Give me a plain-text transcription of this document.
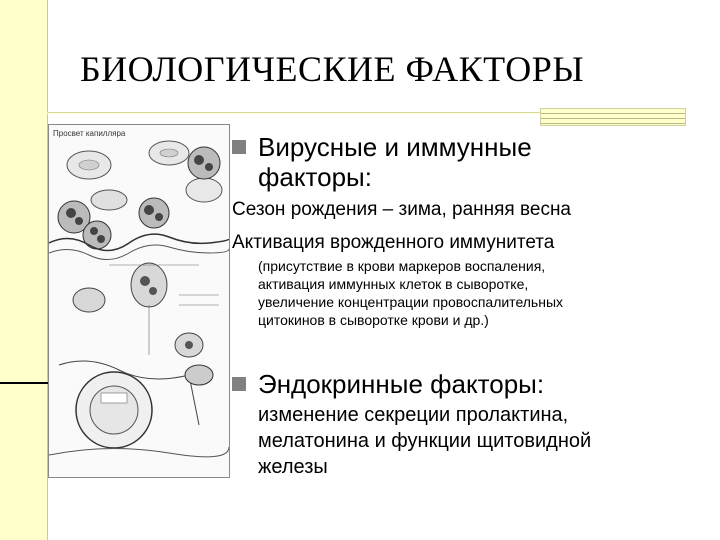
БИОЛОГИЧЕСКИЕ ФАКТОРЫ
Просвет капилляра	Вирусные и иммунные
факторы:
Сезон рождения – зима, ранняя весна
Активация врожденного иммунитета
(присутствие в крови маркеров воспаления,
активация иммунных клеток в сыворотке,
увеличение концентрации провоспалительных
цитокинов в сыворотке крови и др.)
Эндокринные факторы:
изменение секреции пролактина,
мелатонина и функции щитовидной
железы
